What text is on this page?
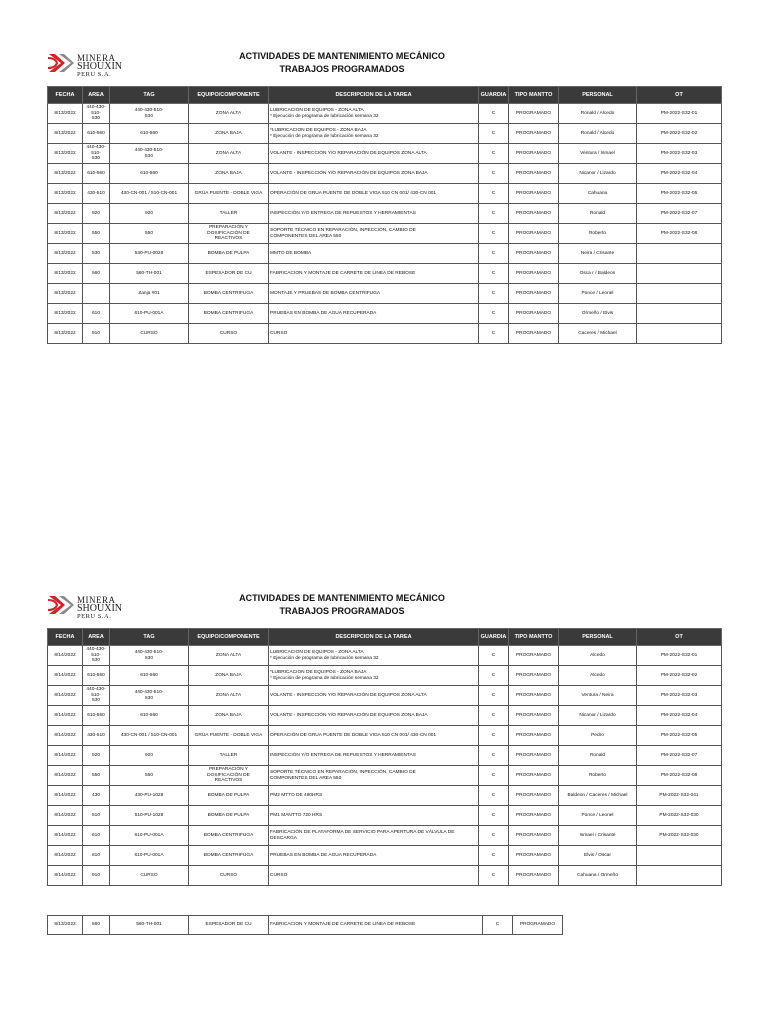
MINERA
SHOUXIN
PERU S.A.
ACTIVIDADES DE MANTENIMIENTO MECÁNICO
TRABAJOS PROGRAMADOS
FECHA	AREA	TAG	EQUIPO/COMPONENTE	DESCRIPCION DE LA TAREA	GUARDIA	TIPO MANTTO	PERSONAL	OT
8/13/2022	440-430-
510-
530	440-430-510-
530	ZONA ALTA	LUBRICACION DE EQUIPOS - ZONA ALTA
* Ejecución de programa de lubricación semana 32	C	PROGRAMADO	Ronald / Alcedo	PM-2022-S32-01
8/13/2022	610-560	610-560	ZONA BAJA	*LUBRICACION DE EQUIPOS - ZONA BAJA
* Ejecución de programa de lubricación semana 32	C	PROGRAMADO	Ronald / Alcedo	PM-2022-S32-02
8/13/2022	440-430-
510-
530	440-430-510-
530	ZONA ALTA	VOLANTE - INSPECCIÓN Y/O REPARACIÓN DE EQUIPOS ZONA ALTA	C	PROGRAMADO	Ventura / Ismael	PM-2022-S32-03
8/13/2022	610-560	610-560	ZONA BAJA	VOLANTE - INSPECCIÓN Y/O REPARACIÓN DE EQUIPOS ZONA BAJA	C	PROGRAMADO	Nicanor / Lizardo	PM-2022-S32-04
8/13/2022	430-510	430-CN-001 / 510-CN-001	GRÚA PUENTE - DOBLE VIGA	OPERACIÓN DE GRUA PUENTE DE DOBLE VIGA 510 CN 001/ 430-CN 001	C	PROGRAMADO	Cahuana	PM-2022-S32-05
8/13/2022	920	920	TALLER	INSPECCIÓN Y/O ENTREGA DE REPUESTOS Y HERRAMIENTAS	C	PROGRAMADO	Ronald	PM-2022-S32-07
8/13/2022	550	550	PREPARACIÓN Y
DOSIFICACIÓN DE
REACTIVOS	SOPORTE TÉCNICO EN REPARACIÓN, INPECCIÓN, CAMBIO DE
COMPONENTES DEL AREA 550	C	PROGRAMADO	Roberto	PM-2022-S32-08
8/13/2022	530	530-PU-0028	BOMBA DE PULPA	MMTO DE BOMBA	C	PROGRAMADO	Neira / Crisante	
8/13/2022	560	560-TH-001	ESPESADOR DE CU	FABRICACION Y MONTAJE DE CARRETE DE LINEA DE REBOSE	C	PROGRAMADO	Osca r / Baldeon	
8/13/2022		Zanja #01	BOMBA CENTRIFUGA	MONTAJE Y PRUEBAS DE BOMBA CENTRIFUGA	C	PROGRAMADO	Ponce / Leonel	
8/13/2022	610	610-PU-001A	BOMBA CENTRIFUGA	PRUEBAS EN BOMBA DE AGUA RECUPERADA	C	PROGRAMADO	Ormeño / Elvis	
8/13/2022	910	CURSO	CURSO	CURSO	C	PROGRAMADO	Caceres / Michael	
MINERA
SHOUXIN
PERU S.A.
ACTIVIDADES DE MANTENIMIENTO MECÁNICO
TRABAJOS PROGRAMADOS
FECHA	AREA	TAG	EQUIPO/COMPONENTE	DESCRIPCION DE LA TAREA	GUARDIA	TIPO MANTTO	PERSONAL	OT
8/14/2022	440-430-
510-
530	440-430-510-
530	ZONA ALTA	LUBRICACION DE EQUIPOS - ZONA ALTA
* Ejecución de programa de lubricación semana 32	C	PROGRAMADO	Alcedo	PM-2022-S32-01
8/14/2022	610-560	610-560	ZONA BAJA	*LUBRICACION DE EQUIPOS - ZONA BAJA
* Ejecución de programa de lubricación semana 32	C	PROGRAMADO	Alcedo	PM-2022-S32-02
8/14/2022	440-430-
510-
530	440-430-510-
530	ZONA ALTA	VOLANTE - INSPECCIÓN Y/O REPARACIÓN DE EQUIPOS ZONA ALTA	C	PROGRAMADO	Ventura / Neira	PM-2022-S32-03
8/14/2022	610-560	610-560	ZONA BAJA	VOLANTE - INSPECCIÓN Y/O REPARACIÓN DE EQUIPOS ZONA BAJA	C	PROGRAMADO	Nicanor / Lizardo	PM-2022-S32-04
8/14/2022	430-510	430-CN-001 / 510-CN-001	GRÚA PUENTE - DOBLE VIGA	OPERACIÓN DE GRUA PUENTE DE DOBLE VIGA 510 CN 001/ 430-CN 001	C	PROGRAMADO	Pedro	PM-2022-S32-05
8/14/2022	920	920	TALLER	INSPECCIÓN Y/O ENTREGA DE REPUESTOS Y HERRAMIENTAS	C	PROGRAMADO	Ronald	PM-2022-S32-07
8/14/2022	550	550	PREPARACIÓN Y
DOSIFICACIÓN DE
REACTIVOS	SOPORTE TÉCNICO EN REPARACIÓN, INPECCIÓN, CAMBIO DE
COMPONENTES DEL AREA 550	C	PROGRAMADO	Roberto	PM-2022-S32-08
8/14/2022	430	430-PU-1028	BOMBA DE PULPA	PM2 MTTO DE 480HRS	C	PROGRAMADO	Baldeon / Caceres / Michael	PM-2022-S32-041
8/14/2022	510	510-PU-1028	BOMBA DE PULPA	PM1 MANTTO 720 HRS	C	PROGRAMADO	Ponce / Leonel	PM-2022-S32-030
8/14/2022	610	610-PU-001A	BOMBA CENTRIFUGA	FABRICACIÓN DE PLATAFORMA DE SERVICIO PARA APERTURA DE VÁLVULA DE
DESCARGA	C	PROGRAMADO	Ismael / Crisante	PM-2022-S32-030
8/14/2022	610	610-PU-001A	BOMBA CENTRIFUGA	PRUEBAS EN BOMBA DE AGUA RECUPERADA	C	PROGRAMADO	Elvis / Oscar	
8/14/2022	910	CURSO	CURSO	CURSO	C	PROGRAMADO	Cahuana / Ormeño	
8/13/2022	560	560-TH-001	ESPESADOR DE CU	FABRICACION Y MONTAJE DE CARRETE DE LINEA DE REBOSE	C	PROGRAMADO
